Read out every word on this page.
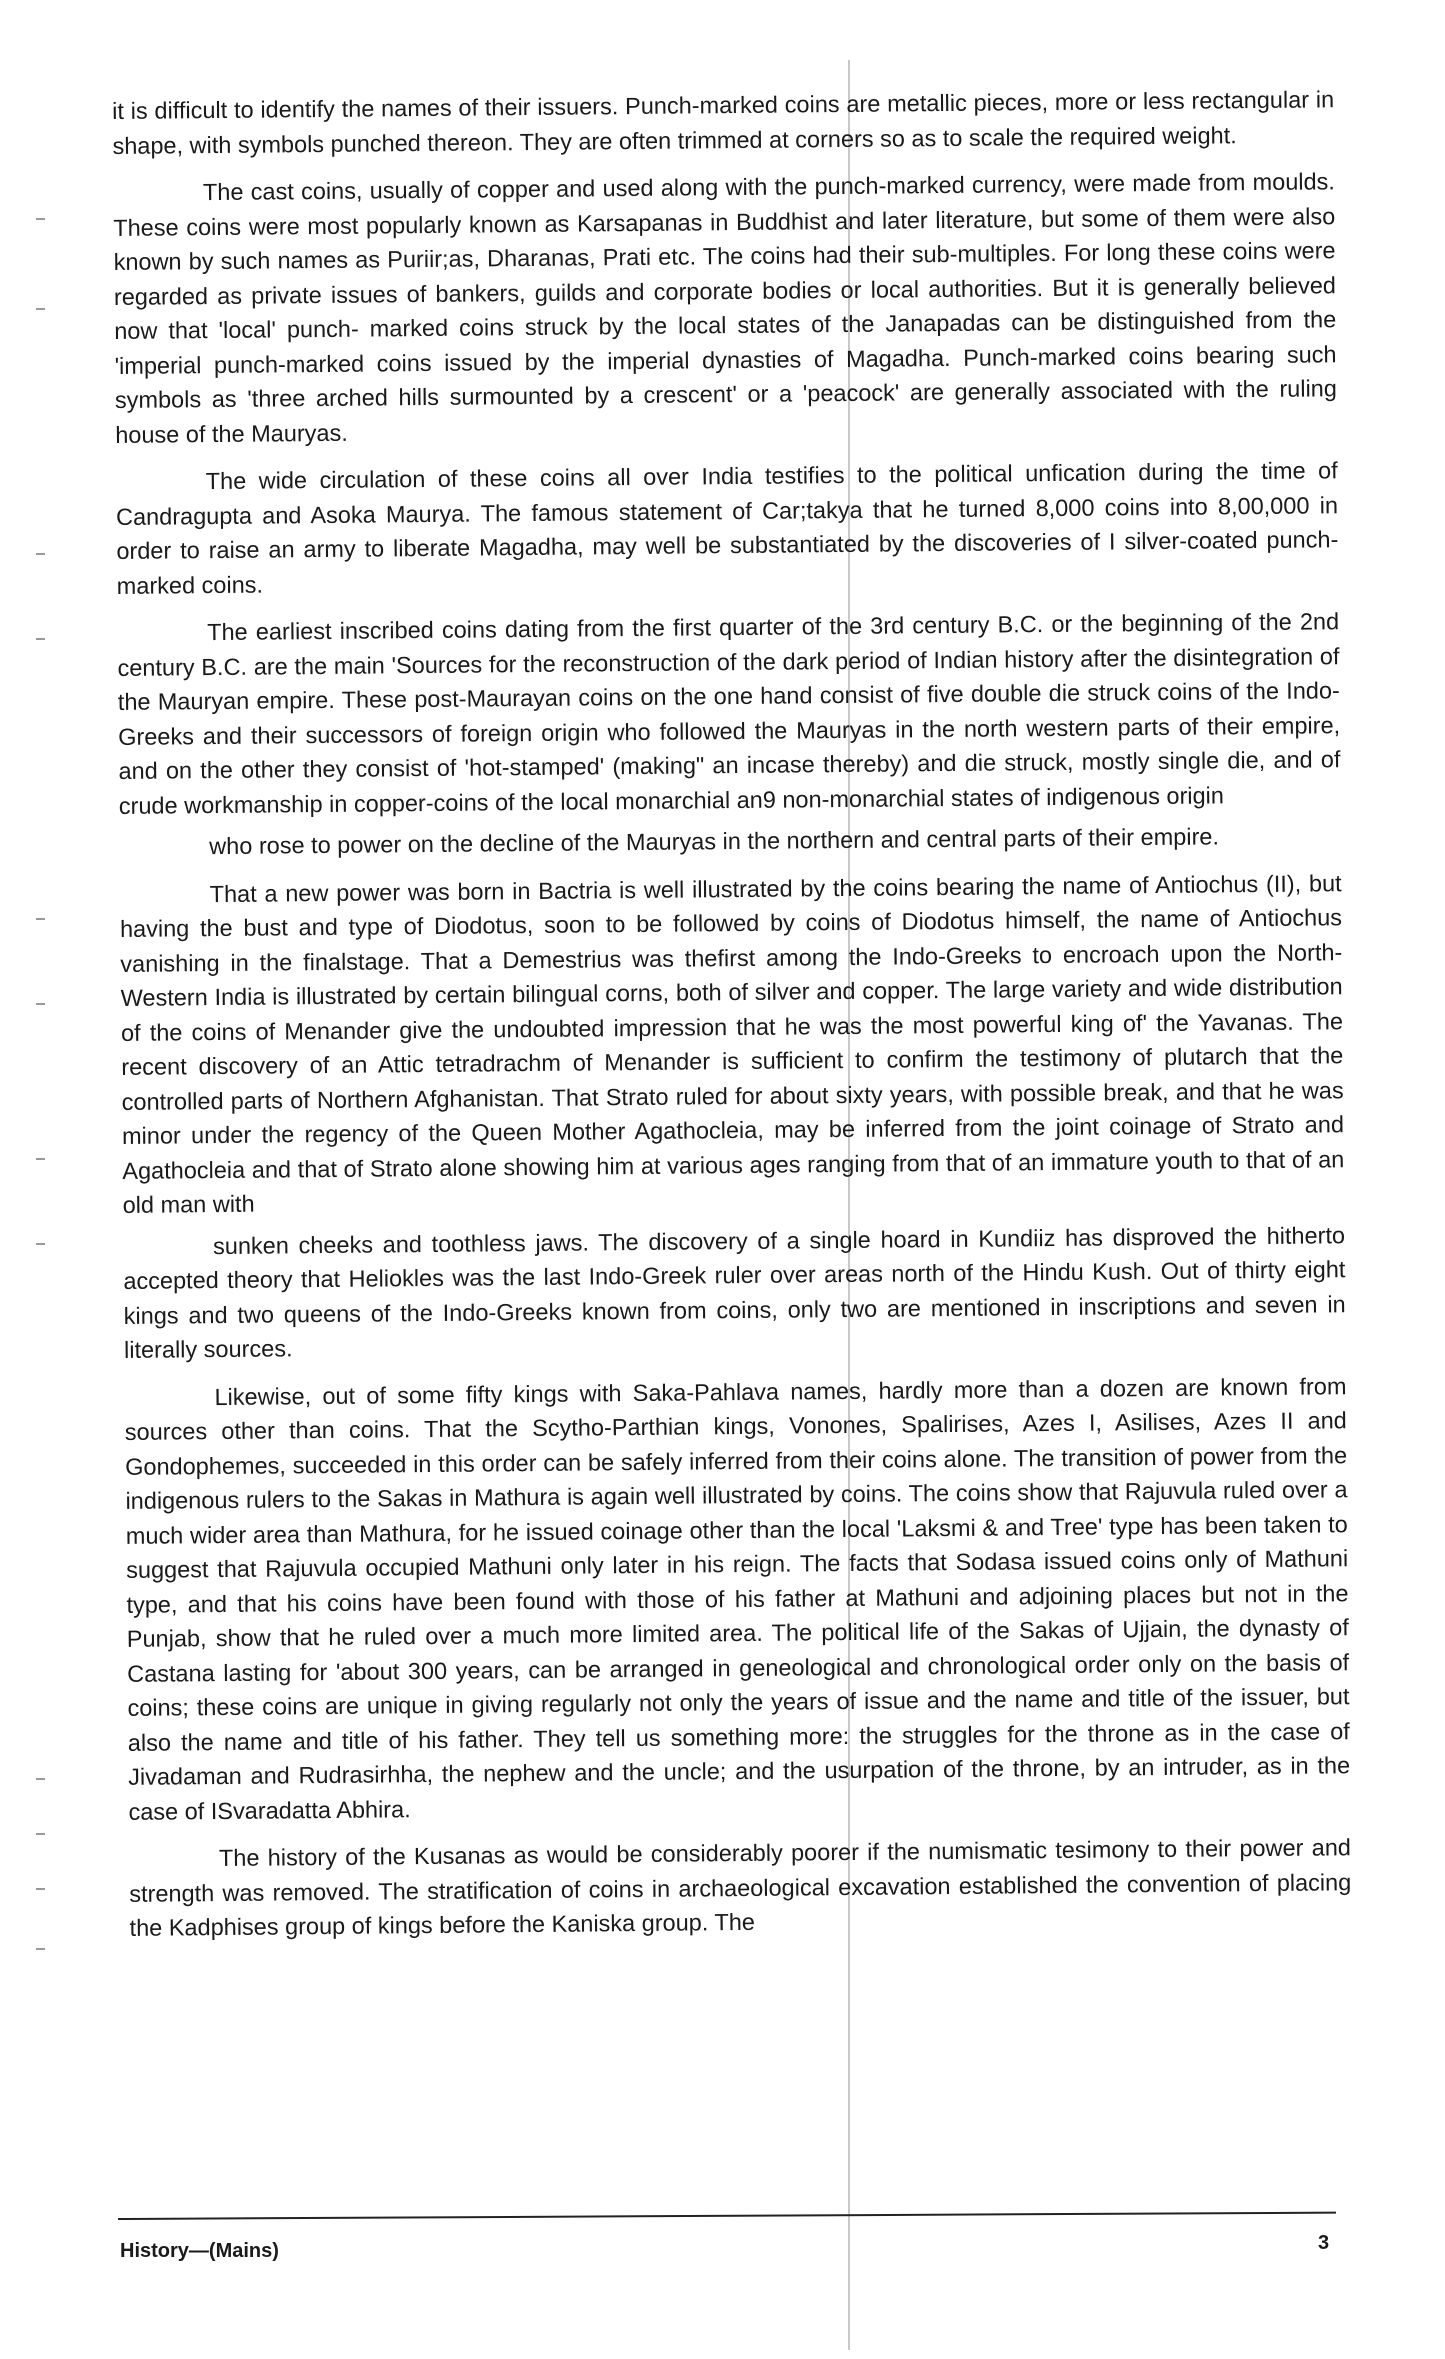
it is difficult to identify the names of their issuers. Punch-marked coins are metallic pieces, more or less rectangular in shape, with symbols punched thereon. They are often trimmed at corners so as to scale the required weight.

The cast coins, usually of copper and used along with the punch-marked currency, were made from moulds. These coins were most popularly known as Karsapanas in Buddhist and later literature, but some of them were also known by such names as Puriir;as, Dharanas, Prati etc. The coins had their sub-multiples. For long these coins were regarded as private issues of bankers, guilds and corporate bodies or local authorities. But it is generally believed now that 'local' punch- marked coins struck by the local states of the Janapadas can be distinguished from the 'imperial punch-marked coins issued by the imperial dynasties of Magadha. Punch-marked coins bearing such symbols as 'three arched hills surmounted by a crescent' or a 'peacock' are generally associated with the ruling house of the Mauryas.

The wide circulation of these coins all over India testifies to the political unfication during the time of Candragupta and Asoka Maurya. The famous statement of Car;takya that he turned 8,000 coins into 8,00,000 in order to raise an army to liberate Magadha, may well be substantiated by the discoveries of I silver-coated punch-marked coins.

The earliest inscribed coins dating from the first quarter of the 3rd century B.C. or the beginning of the 2nd century B.C. are the main 'Sources for the reconstruction of the dark period of Indian history after the disintegration of the Mauryan empire. These post-Maurayan coins on the one hand consist of five double die struck coins of the Indo-Greeks and their successors of foreign origin who followed the Mauryas in the north western parts of their empire, and on the other they consist of 'hot-stamped' (making" an incase thereby) and die struck, mostly single die, and of crude workmanship in copper-coins of the local monarchial an9 non-monarchial states of indigenous origin

who rose to power on the decline of the Mauryas in the northern and central parts of their empire.

That a new power was born in Bactria is well illustrated by the coins bearing the name of Antiochus (II), but having the bust and type of Diodotus, soon to be followed by coins of Diodotus himself, the name of Antiochus vanishing in the finalstage. That a Demestrius was thefirst among the Indo-Greeks to encroach upon the North-Western India is illustrated by certain bilingual corns, both of silver and copper. The large variety and wide distribution of the coins of Menander give the undoubted impression that he was the most powerful king of' the Yavanas. The recent discovery of an Attic tetradrachm of Menander is sufficient to confirm the testimony of plutarch that the controlled parts of Northern Afghanistan. That Strato ruled for about sixty years, with possible break, and that he was minor under the regency of the Queen Mother Agathocleia, may be inferred from the joint coinage of Strato and Agathocleia and that of Strato alone showing him at various ages ranging from that of an immature youth to that of an old man with

sunken cheeks and toothless jaws. The discovery of a single hoard in Kundiiz has disproved the hitherto accepted theory that Heliokles was the last Indo-Greek ruler over areas north of the Hindu Kush. Out of thirty eight kings and two queens of the Indo-Greeks known from coins, only two are mentioned in inscriptions and seven in literally sources.

Likewise, out of some fifty kings with Saka-Pahlava names, hardly more than a dozen are known from sources other than coins. That the Scytho-Parthian kings, Vonones, Spalirises, Azes I, Asilises, Azes II and Gondophemes, succeeded in this order can be safely inferred from their coins alone. The transition of power from the indigenous rulers to the Sakas in Mathura is again well illustrated by coins. The coins show that Rajuvula ruled over a much wider area than Mathura, for he issued coinage other than the local 'Laksmi & and Tree' type has been taken to suggest that Rajuvula occupied Mathuni only later in his reign. The facts that Sodasa issued coins only of Mathuni type, and that his coins have been found with those of his father at Mathuni and adjoining places but not in the Punjab, show that he ruled over a much more limited area. The political life of the Sakas of Ujjain, the dynasty of Castana lasting for 'about 300 years, can be arranged in geneological and chronological order only on the basis of coins; these coins are unique in giving regularly not only the years of issue and the name and title of the issuer, but also the name and title of his father. They tell us something more: the struggles for the throne as in the case of Jivadaman and Rudrasirhha, the nephew and the uncle; and the usurpation of the throne, by an intruder, as in the case of ISvaradatta Abhira.

The history of the Kusanas as would be considerably poorer if the numismatic tesimony to their power and strength was removed. The stratification of coins in archaeological excavation established the convention of placing the Kadphises group of kings before the Kaniska group. The

History—(Mains)	3
